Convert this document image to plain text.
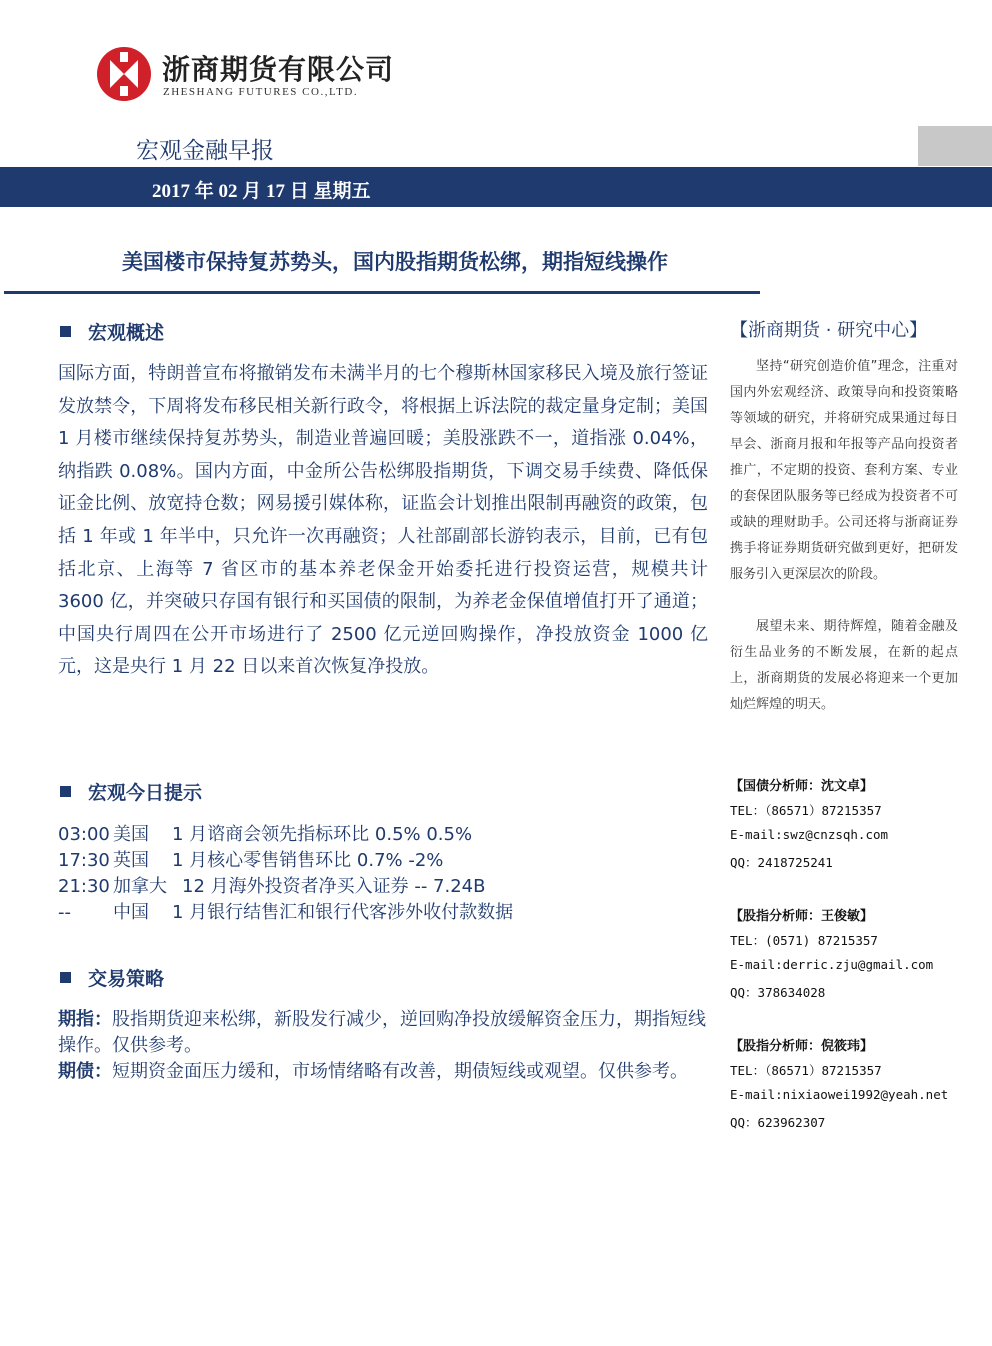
浙商期货有限公司
ZHESHANG FUTURES CO.,LTD.
宏观金融早报
2017 年 02 月 17 日 星期五
美国楼市保持复苏势头，国内股指期货松绑，期指短线操作
宏观概述

国际方面，特朗普宣布将撤销发布未满半月的七个穆斯林国家移民入境及旅行签证发放禁令，下周将发布移民相关新行政令，将根据上诉法院的裁定量身定制；美国 1 月楼市继续保持复苏势头，制造业普遍回暖；美股涨跌不一，道指涨 0.04%，纳指跌 0.08%。国内方面，中金所公告松绑股指期货，下调交易手续费、降低保证金比例、放宽持仓数；网易援引媒体称，证监会计划推出限制再融资的政策，包括 1 年或 1 年半中，只允许一次再融资；人社部副部长游钧表示，目前，已有包括北京、上海等 7 省区市的基本养老保金开始委托进行投资运营，规模共计 3600 亿，并突破只存国有银行和买国债的限制，为养老金保值增值打开了通道；中国央行周四在公开市场进行了 2500 亿元逆回购操作，净投放资金 1000 亿元，这是央行 1 月 22 日以来首次恢复净投放。

宏观今日提示
03:00 美国 1 月谘商会领先指标环比 0.5% 0.5%
17:30 英国 1 月核心零售销售环比 0.7% -2%
21:30 加拿大 12 月海外投资者净买入证券 -- 7.24B
-- 中国 1 月银行结售汇和银行代客涉外收付款数据
交易策略

期指：股指期货迎来松绑，新股发行减少，逆回购净投放缓解资金压力，期指短线操作。仅供参考。

期债：短期资金面压力缓和，市场情绪略有改善，期债短线或观望。仅供参考。

【浙商期货 · 研究中心】

坚持“研究创造价值”理念，注重对国内外宏观经济、政策导向和投资策略等领域的研究，并将研究成果通过每日早会、浙商月报和年报等产品向投资者推广，不定期的投资、套利方案、专业的套保团队服务等已经成为投资者不可或缺的理财助手。公司还将与浙商证券携手将证券期货研究做到更好，把研发服务引入更深层次的阶段。

展望未来、期待辉煌，随着金融及衍生品业务的不断发展，在新的起点上，浙商期货的发展必将迎来一个更加灿烂辉煌的明天。

【国债分析师：沈文卓】
TEL：（86571）87215357
E-mail:swz@cnzsqh.com
QQ：2418725241
【股指分析师：王俊敏】
TEL：(0571) 87215357
E-mail:derric.zju@gmail.com
QQ：378634028
【股指分析师：倪筱玮】
TEL：（86571）87215357
E-mail:nixiaowei1992@yeah.net
QQ：623962307
